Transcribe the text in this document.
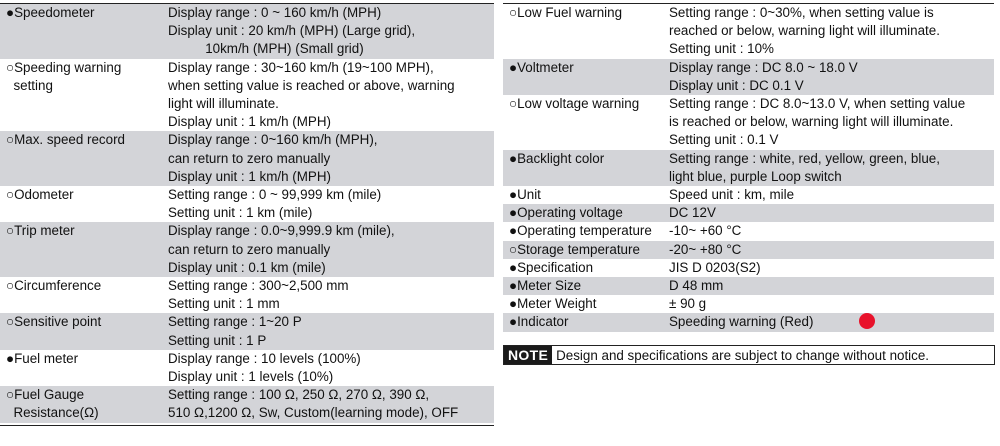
●Speedometer	Display range : 0 ~ 160 km/h (MPH)
Display unit : 20 km/h (MPH) (Large grid),
10km/h (MPH) (Small grid)
○Speeding warning
setting	Display range : 30~160 km/h (19~100 MPH),
when setting value is reached or above, warning
light will illuminate.
Display unit : 1 km/h (MPH)
○Max. speed record	Display range : 0~160 km/h (MPH),
can return to zero manually
Display unit : 1 km/h (MPH)
○Odometer	Setting range : 0 ~ 99,999 km (mile)
Setting unit : 1 km (mile)
○Trip meter	Display range : 0.0~9,999.9 km (mile),
can return to zero manually
Display unit : 0.1 km (mile)
○Circumference	Setting range : 300~2,500 mm
Setting unit : 1 mm
○Sensitive point	Setting range : 1~20 P
Setting unit : 1 P
●Fuel meter	Display range : 10 levels (100%)
Display unit : 1 levels (10%)
○Fuel Gauge
Resistance(Ω)	Setting range : 100 Ω, 250 Ω, 270 Ω, 390 Ω,
510 Ω,1200 Ω, Sw, Custom(learning mode), OFF
○Low Fuel warning	Setting range : 0~30%, when setting value is
reached or below, warning light will illuminate.
Setting unit : 10%
●Voltmeter	Display range : DC 8.0 ~ 18.0 V
Display unit : DC 0.1 V
○Low voltage warning	Setting range : DC 8.0~13.0 V, when setting value
is reached or below, warning light will illuminate.
Setting unit : 0.1 V
●Backlight color	Setting range : white, red, yellow, green, blue,
light blue, purple Loop switch
●Unit	Speed unit : km, mile
●Operating voltage	DC 12V
●Operating temperature	-10~ +60 °C
○Storage temperature	-20~ +80 °C
●Specification	JIS D 0203(S2)
●Meter Size	D 48 mm
●Meter Weight	± 90 g
●Indicator	Speeding warning (Red)
NOTE Design and specifications are subject to change without notice.
